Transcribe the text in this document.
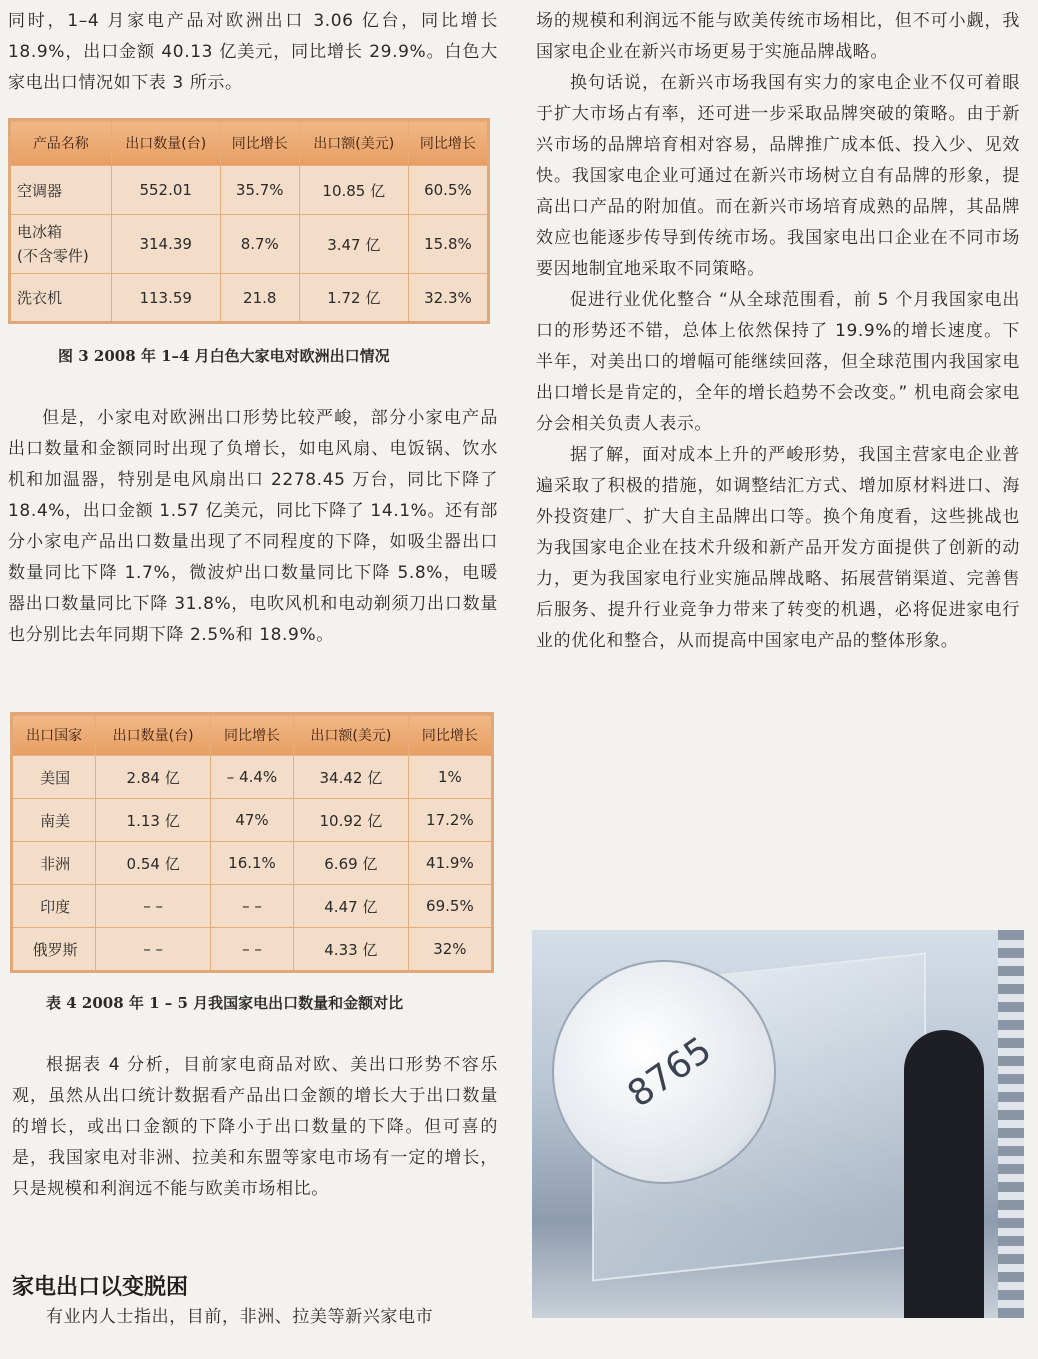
同时，1–4 月家电产品对欧洲出口 3.06 亿台，同比增长 18.9%，出口金额 40.13 亿美元，同比增长 29.9%。白色大家电出口情况如下表 3 所示。

产品名称	出口数量(台)	同比增长	出口额(美元)	同比增长
空调器	552.01	35.7%	10.85 亿	60.5%
电冰箱
(不含零件)	314.39	8.7%	3.47 亿	15.8%
洗衣机	113.59	21.8	1.72 亿	32.3%
图 3 2008 年 1–4 月白色大家电对欧洲出口情况

但是，小家电对欧洲出口形势比较严峻，部分小家电产品出口数量和金额同时出现了负增长，如电风扇、电饭锅、饮水机和加温器，特别是电风扇出口 2278.45 万台，同比下降了 18.4%，出口金额 1.57 亿美元，同比下降了 14.1%。还有部分小家电产品出口数量出现了不同程度的下降，如吸尘器出口数量同比下降 1.7%，微波炉出口数量同比下降 5.8%，电暖器出口数量同比下降 31.8%，电吹风机和电动剃须刀出口数量也分别比去年同期下降 2.5%和 18.9%。

出口国家	出口数量(台)	同比增长	出口额(美元)	同比增长
美国	2.84 亿	– 4.4%	34.42 亿	1%
南美	1.13 亿	47%	10.92 亿	17.2%
非洲	0.54 亿	16.1%	6.69 亿	41.9%
印度	– –	– –	4.47 亿	69.5%
俄罗斯	– –	– –	4.33 亿	32%
表 4 2008 年 1 – 5 月我国家电出口数量和金额对比

根据表 4 分析，目前家电商品对欧、美出口形势不容乐观，虽然从出口统计数据看产品出口金额的增长大于出口数量的增长，或出口金额的下降小于出口数量的下降。但可喜的是，我国家电对非洲、拉美和东盟等家电市场有一定的增长，只是规模和利润远不能与欧美市场相比。

家电出口以变脱困

有业内人士指出，目前，非洲、拉美等新兴家电市

场的规模和利润远不能与欧美传统市场相比，但不可小觑，我国家电企业在新兴市场更易于实施品牌战略。

换句话说，在新兴市场我国有实力的家电企业不仅可着眼于扩大市场占有率，还可进一步采取品牌突破的策略。由于新兴市场的品牌培育相对容易，品牌推广成本低、投入少、见效快。我国家电企业可通过在新兴市场树立自有品牌的形象，提高出口产品的附加值。而在新兴市场培育成熟的品牌，其品牌效应也能逐步传导到传统市场。我国家电出口企业在不同市场要因地制宜地采取不同策略。

促进行业优化整合 “从全球范围看，前 5 个月我国家电出口的形势还不错，总体上依然保持了 19.9%的增长速度。下半年，对美出口的增幅可能继续回落，但全球范围内我国家电出口增长是肯定的，全年的增长趋势不会改变。” 机电商会家电分会相关负责人表示。

据了解，面对成本上升的严峻形势，我国主营家电企业普遍采取了积极的措施，如调整结汇方式、增加原材料进口、海外投资建厂、扩大自主品牌出口等。换个角度看，这些挑战也为我国家电企业在技术升级和新产品开发方面提供了创新的动力，更为我国家电行业实施品牌战略、拓展营销渠道、完善售后服务、提升行业竞争力带来了转变的机遇，必将促进家电行业的优化和整合，从而提高中国家电产品的整体形象。

8765
